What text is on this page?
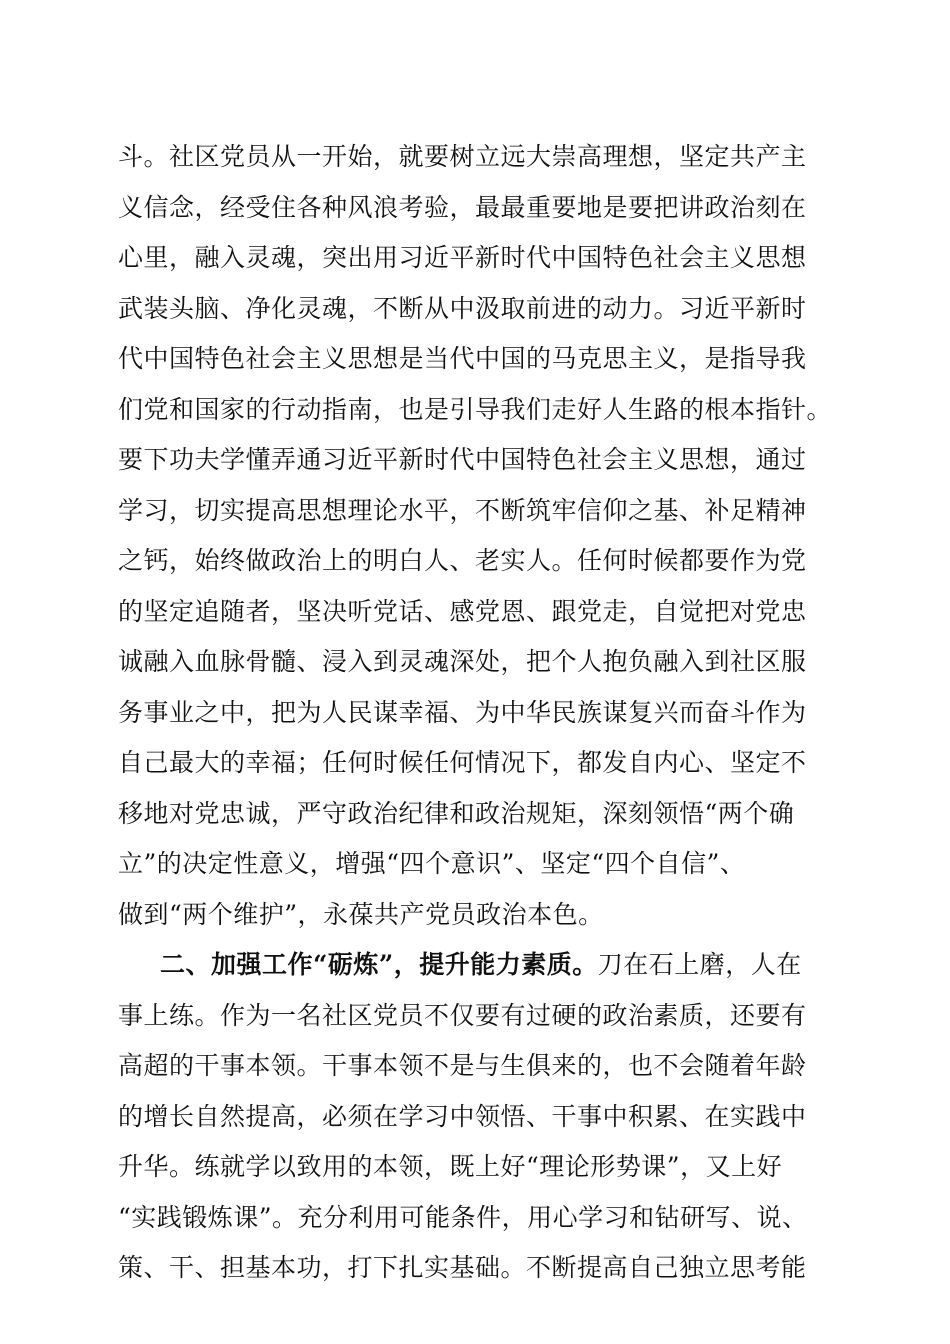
斗。社区党员从一开始，就要树立远大崇高理想，坚定共产主
义信念，经受住各种风浪考验，最最重要地是要把讲政治刻在
心里，融入灵魂，突出用习近平新时代中国特色社会主义思想
武装头脑、净化灵魂，不断从中汲取前进的动力。习近平新时
代中国特色社会主义思想是当代中国的马克思主义，是指导我
们党和国家的行动指南，也是引导我们走好人生路的根本指针。
要下功夫学懂弄通习近平新时代中国特色社会主义思想，通过
学习，切实提高思想理论水平，不断筑牢信仰之基、补足精神
之钙，始终做政治上的明白人、老实人。任何时候都要作为党
的坚定追随者，坚决听党话、感党恩、跟党走，自觉把对党忠
诚融入血脉骨髓、浸入到灵魂深处，把个人抱负融入到社区服
务事业之中，把为人民谋幸福、为中华民族谋复兴而奋斗作为
自己最大的幸福；任何时候任何情况下，都发自内心、坚定不
移地对党忠诚，严守政治纪律和政治规矩，深刻领悟“两个确
立”的决定性意义，增强“四个意识”、坚定“四个自信”、
做到“两个维护”，永葆共产党员政治本色。
二、加强工作“砺炼”，提升能力素质。刀在石上磨，人在
事上练。作为一名社区党员不仅要有过硬的政治素质，还要有
高超的干事本领。干事本领不是与生俱来的，也不会随着年龄
的增长自然提高，必须在学习中领悟、干事中积累、在实践中
升华。练就学以致用的本领，既上好“理论形势课”，又上好
“实践锻炼课”。充分利用可能条件，用心学习和钻研写、说、
策、干、担基本功，打下扎实基础。不断提高自己独立思考能
